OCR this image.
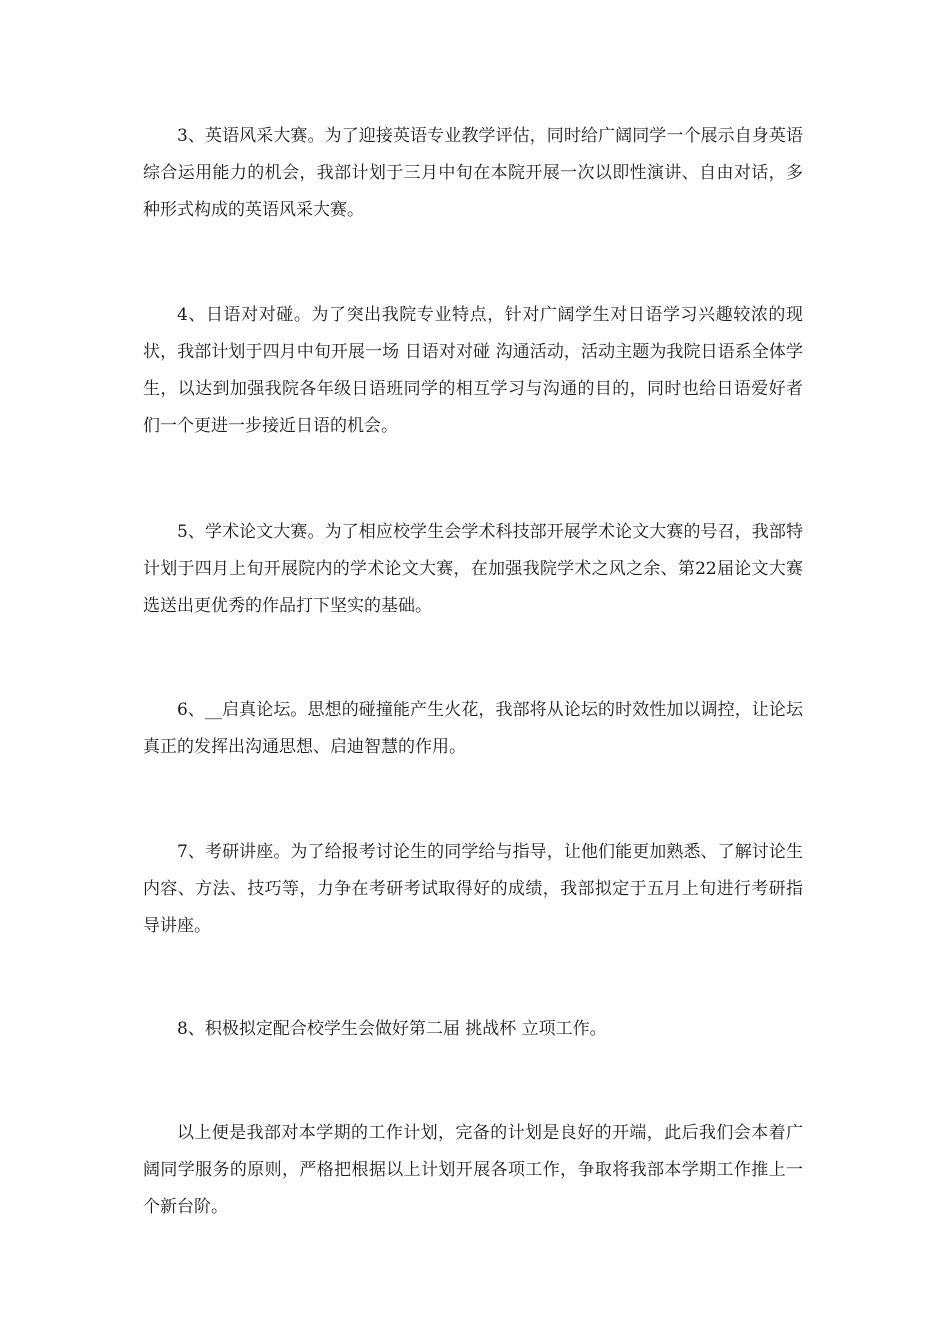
3、英语风采大赛。为了迎接英语专业教学评估，同时给广阔同学一个展示自身英语综合运用能力的机会，我部计划于三月中旬在本院开展一次以即性演讲、自由对话，多种形式构成的英语风采大赛。

4、日语对对碰。为了突出我院专业特点，针对广阔学生对日语学习兴趣较浓的现状，我部计划于四月中旬开展一场 日语对对碰 沟通活动，活动主题为我院日语系全体学生，以达到加强我院各年级日语班同学的相互学习与沟通的目的，同时也给日语爱好者们一个更进一步接近日语的机会。

5、学术论文大赛。为了相应校学生会学术科技部开展学术论文大赛的号召，我部特计划于四月上旬开展院内的学术论文大赛，在加强我院学术之风之余、第22届论文大赛选送出更优秀的作品打下坚实的基础。

6、__启真论坛。思想的碰撞能产生火花，我部将从论坛的时效性加以调控，让论坛真正的发挥出沟通思想、启迪智慧的作用。

7、考研讲座。为了给报考讨论生的同学给与指导，让他们能更加熟悉、了解讨论生内容、方法、技巧等，力争在考研考试取得好的成绩，我部拟定于五月上旬进行考研指导讲座。

8、积极拟定配合校学生会做好第二届 挑战杯 立项工作。

以上便是我部对本学期的工作计划，完备的计划是良好的开端，此后我们会本着广阔同学服务的原则，严格把根据以上计划开展各项工作，争取将我部本学期工作推上一个新台阶。
